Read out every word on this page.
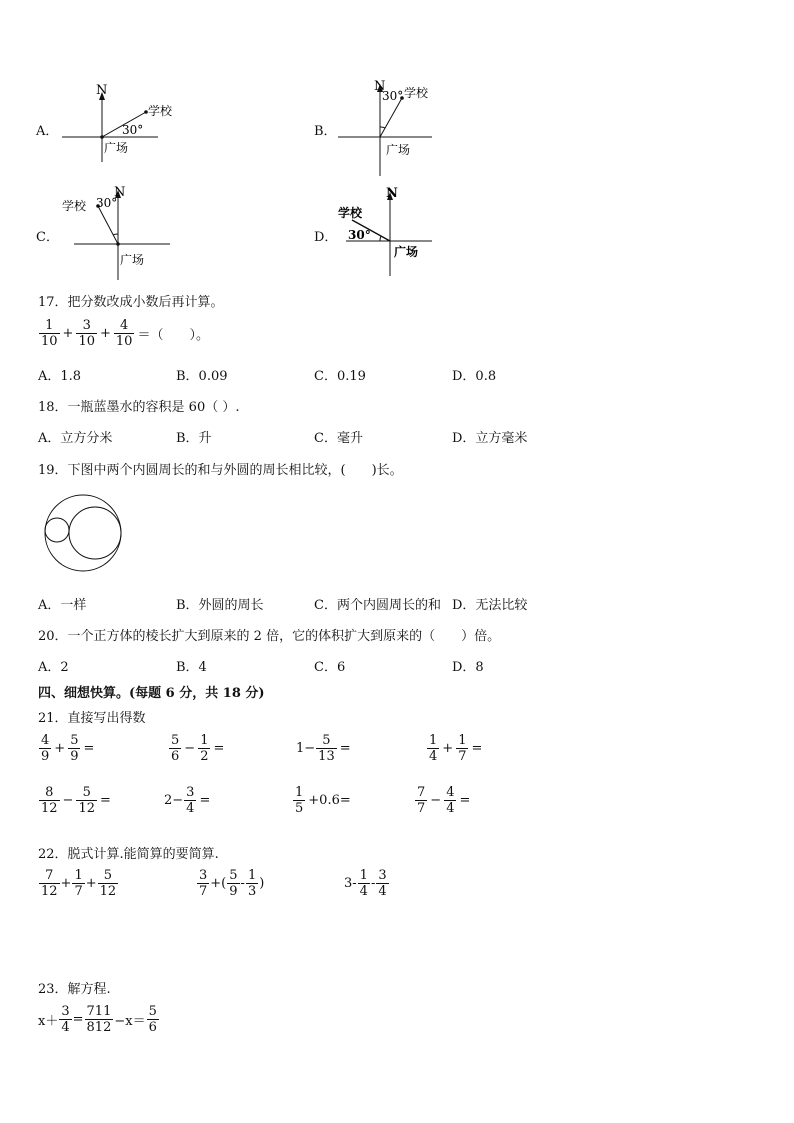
A．
N
学校
30°
广场
B．
N
30° 学校
广场
C．
N
学校 30°
广场
D．
N
学校
30°
广场
17．把分数改成小数后再计算。
$\frac{1}{10} + \frac{3}{10} + \frac{4}{10}$ ＝（　　）。
A．1.8	B．0.09	C．0.19	D．0.8
18．一瓶蓝墨水的容积是 60（ ）.
A．立方分米	B．升	C．毫升	D．立方毫米
19．下图中两个内圆周长的和与外圆的周长相比较，(　　)长。
A．一样	B．外圆的周长	C．两个内圆周长的和 D．无法比较
20．一个正方体的棱长扩大到原来的 2 倍，它的体积扩大到原来的（　　）倍。
A．2	B．4	C．6	D．8
四、细想快算。(每题 6 分，共 18 分)
21．直接写出得数
$\frac{4}{9} + \frac{5}{9}$ =	$\frac{5}{6} - \frac{1}{2}$ =	$1- \frac{5}{13}$ =	$\frac{1}{4} + \frac{1}{7}$ =
$\frac{8}{12} - \frac{5}{12}$ =	$2- \frac{3}{4}$ =	$\frac{1}{5} +0.6=$	$\frac{7}{7} - \frac{4}{4}$ =
22．脱式计算.能简算的要简算.
$\frac{7}{12} + \frac{1}{7} + \frac{5}{12}$	$\frac{3}{7}$ +( $\frac{5}{9} - \frac{1}{3}$ )	$3- \frac{1}{4} - \frac{3}{4}$
23．解方程.
$x+ \frac{3}{4} = \frac{711}{812} -x= \frac{5}{6}$
